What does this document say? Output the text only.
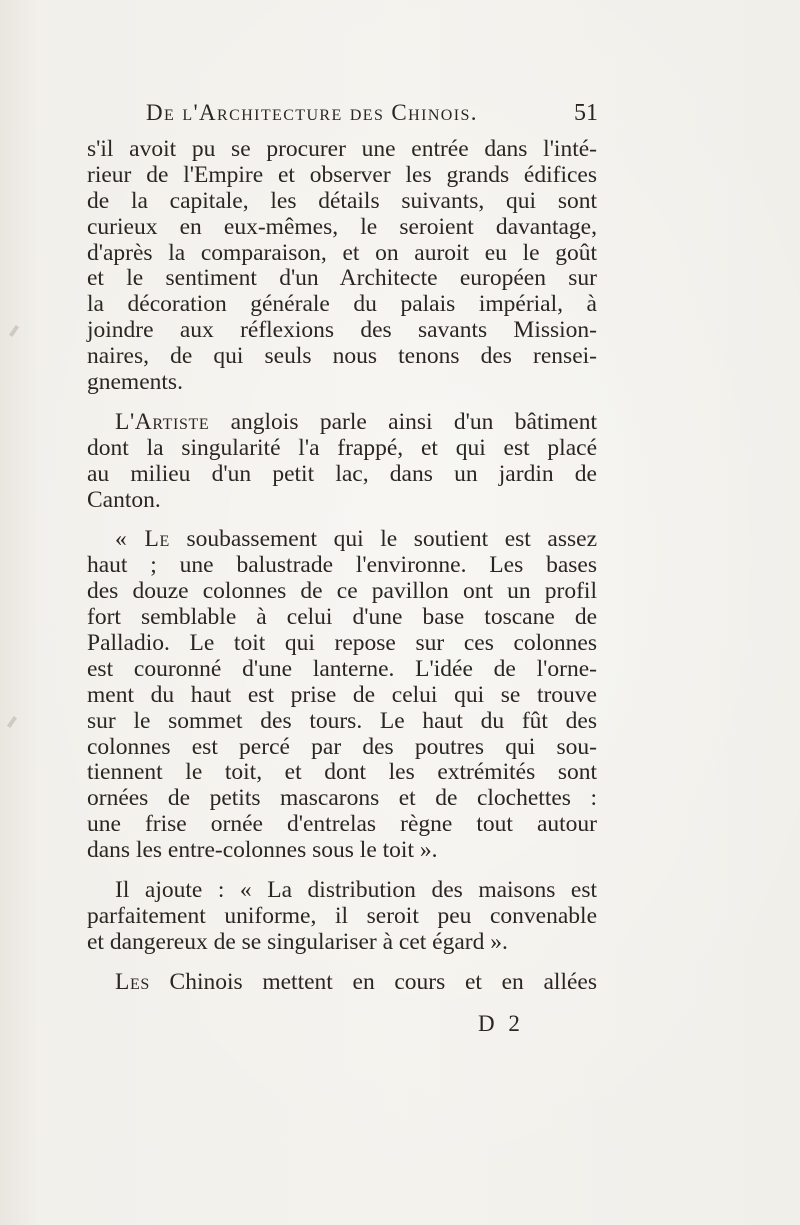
De l'Architecture des Chinois.	51
s'il avoit pu se procurer une entrée dans l'inté-
rieur de l'Empire et observer les grands édifices
de la capitale, les détails suivants, qui sont
curieux en eux-mêmes, le seroient davantage,
d'après la comparaison, et on auroit eu le goût
et le sentiment d'un Architecte européen sur
la décoration générale du palais impérial, à
joindre aux réflexions des savants Mission-
naires, de qui seuls nous tenons des rensei-
gnements.
L'Artiste anglois parle ainsi d'un bâtiment
dont la singularité l'a frappé, et qui est placé
au milieu d'un petit lac, dans un jardin de
Canton.
« Le soubassement qui le soutient est assez
haut ; une balustrade l'environne. Les bases
des douze colonnes de ce pavillon ont un profil
fort semblable à celui d'une base toscane de
Palladio. Le toit qui repose sur ces colonnes
est couronné d'une lanterne. L'idée de l'orne-
ment du haut est prise de celui qui se trouve
sur le sommet des tours. Le haut du fût des
colonnes est percé par des poutres qui sou-
tiennent le toit, et dont les extrémités sont
ornées de petits mascarons et de clochettes :
une frise ornée d'entrelas règne tout autour
dans les entre-colonnes sous le toit ».
Il ajoute : « La distribution des maisons est
parfaitement uniforme, il seroit peu convenable
et dangereux de se singulariser à cet égard ».
Les Chinois mettent en cours et en allées
D 2
